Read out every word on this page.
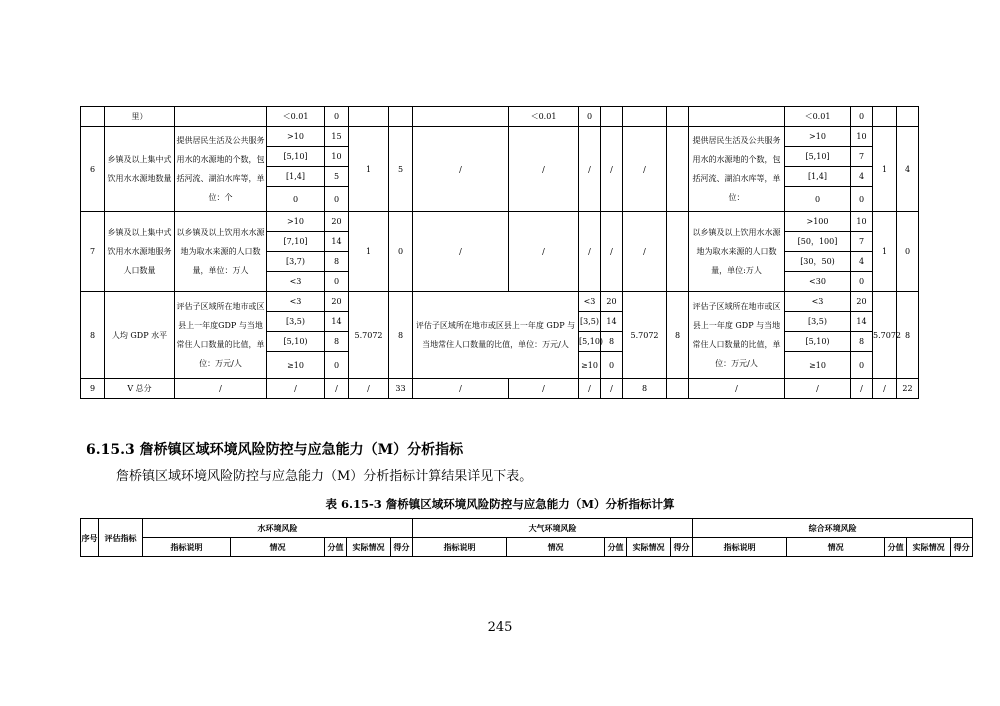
	里）		＜0.01	0				＜0.01	0					＜0.01	0		
6	乡镇及以上集中式饮用水水源地数量	提供居民生活及公共服务用水的水源地的个数，包括河流、湖泊水库等，单位：个	>10	15	1	5	/	/	/	/	/		提供居民生活及公共服务用水的水源地的个数，包括河流、湖泊水库等，单位：	>10	10	1	4
			[5,10]	10										[5,10]	7		
			[1,4]	5										[1,4]	4		
			0	0										0	0		
7	乡镇及以上集中式饮用水水源地服务人口数量	以乡镇及以上饮用水水源地为取水来源的人口数量，单位：万人	>10	20	1	0	/	/	/	/	/		以乡镇及以上饮用水水源地为取水来源的人口数量，单位:万人	>100	10	1	0
			[7,10]	14										[50，100]	7		
			[3,7)	8										[30，50)	4		
			<3	0										<30	0		
8	人均 GDP 水平	评估子区域所在地市或区县上一年度GDP 与当地常住人口数量的比值，单位：万元/人	<3	20	5.7072	8	评估子区域所在地市或区县上一年度 GDP 与当地常住人口数量的比值，单位：万元/人		<3	20	5.7072	8	评估子区域所在地市或区县上一年度 GDP 与当地常住人口数量的比值，单位：万元/人	<3	20	5.7072	8
			[3,5)	14					[3,5)	14				[3,5)	14		
			[5,10)	8					[5,10)	8				[5,10)	8		
			≥10	0					≥10	0				≥10	0		
9	V 总分	/	/	/	/	33	/	/	/	/	8		/	/	/	/	22
6.15.3 詹桥镇区域环境风险防控与应急能力（M）分析指标

詹桥镇区域环境风险防控与应急能力（M）分析指标计算结果详见下表。

表 6.15-3 詹桥镇区域环境风险防控与应急能力（M）分析指标计算

序号	评估指标	水环境风险					大气环境风险					综合环境风险				
		指标说明	情况	分值	实际情况	得分	指标说明	情况	分值	实际情况	得分	指标说明	情况	分值	实际情况	得分

245
